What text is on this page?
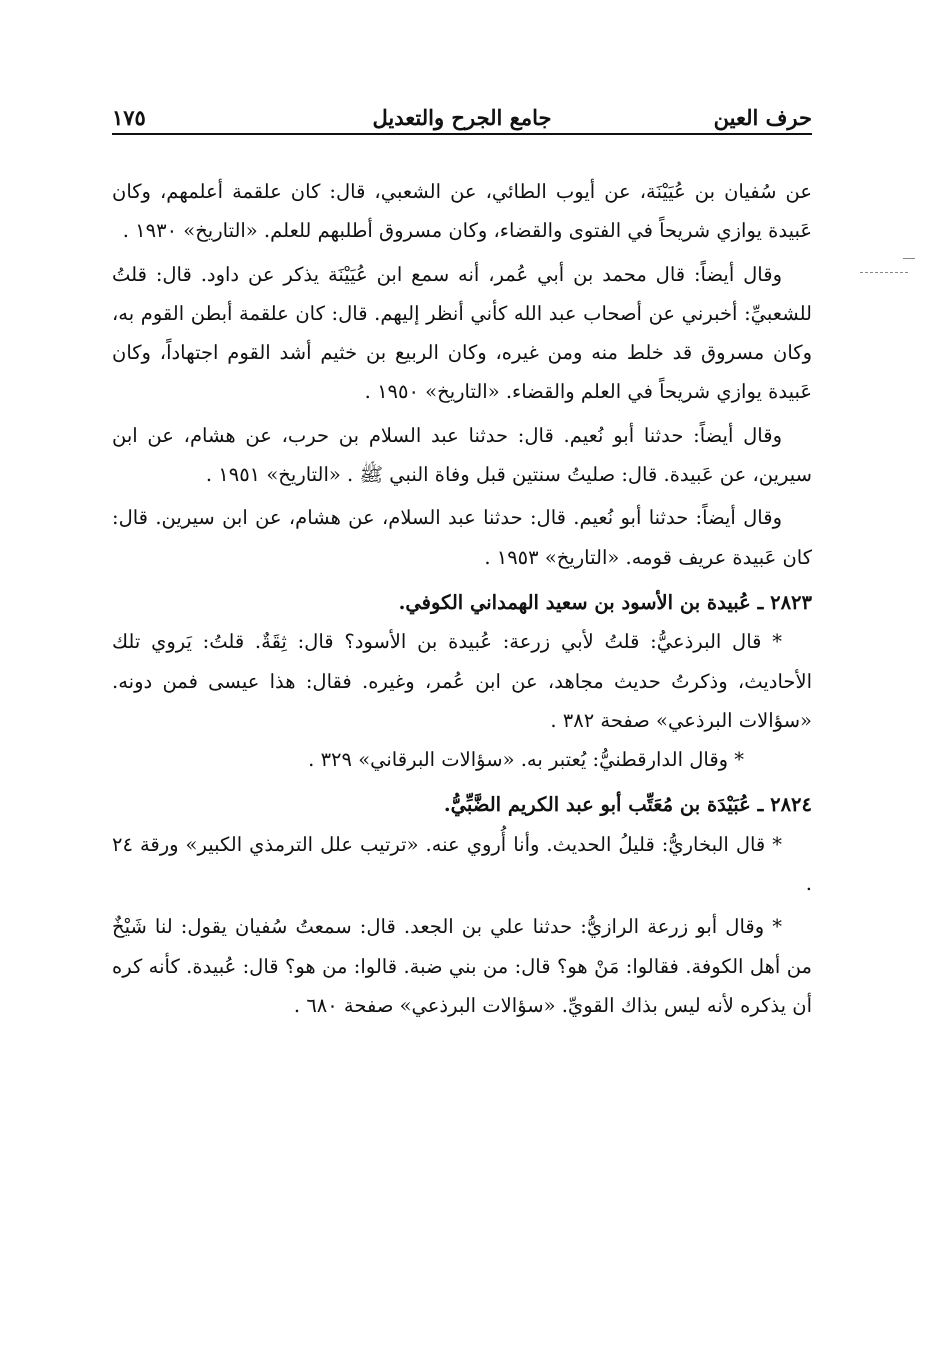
حرف العين
جامع الجرح والتعديل
١٧٥

عن سُفيان بن عُيَيْنَة، عن أيوب الطائي، عن الشعبي، قال: كان علقمة أعلمهم، وكان عَبيدة يوازي شريحاً في الفتوى والقضاء، وكان مسروق أطلبهم للعلم. «التاريخ» ١٩٣٠ .

وقال أيضاً: قال محمد بن أبي عُمر، أنه سمع ابن عُيَيْنَة يذكر عن داود. قال: قلتُ للشعبيِّ: أخبرني عن أصحاب عبد الله كأني أنظر إليهم. قال: كان علقمة أبطن القوم به، وكان مسروق قد خلط منه ومن غيره، وكان الربيع بن خثيم أشد القوم اجتهاداً، وكان عَبيدة يوازي شريحاً في العلم والقضاء. «التاريخ» ١٩٥٠ .

وقال أيضاً: حدثنا أبو نُعيم. قال: حدثنا عبد السلام بن حرب، عن هشام، عن ابن سيرين، عن عَبيدة. قال: صليتُ سنتين قبل وفاة النبي ﷺ . «التاريخ» ١٩٥١ .

وقال أيضاً: حدثنا أبو نُعيم. قال: حدثنا عبد السلام، عن هشام، عن ابن سيرين. قال: كان عَبيدة عريف قومه. «التاريخ» ١٩٥٣ .

٢٨٢٣ ـ عُبيدة بن الأسود بن سعيد الهمداني الكوفي.

* قال البرذعيُّ: قلتُ لأبي زرعة: عُبيدة بن الأسود؟ قال: ثِقَةٌ. قلتُ: يَروي تلك الأحاديث، وذكرتُ حديث مجاهد، عن ابن عُمر، وغيره. فقال: هذا عيسى فمن دونه. «سؤالات البرذعي» صفحة ٣٨٢ .

* وقال الدارقطنيُّ: يُعتبر به. «سؤالات البرقاني» ٣٢٩ .

٢٨٢٤ ـ عُبَيْدَة بن مُعَتِّب أبو عبد الكريم الضَّبِّيُّ.

* قال البخاريُّ: قليلُ الحديث. وأنا أُروي عنه. «ترتيب علل الترمذي الكبير» ورقة ٢٤ .

* وقال أبو زرعة الرازيُّ: حدثنا علي بن الجعد. قال: سمعتُ سُفيان يقول: لنا شَيْخٌ من أهل الكوفة. فقالوا: مَنْ هو؟ قال: من بني ضبة. قالوا: من هو؟ قال: عُبيدة. كأنه كره أن يذكره لأنه ليس بذاك القويِّ. «سؤالات البرذعي» صفحة ٦٨٠ .
